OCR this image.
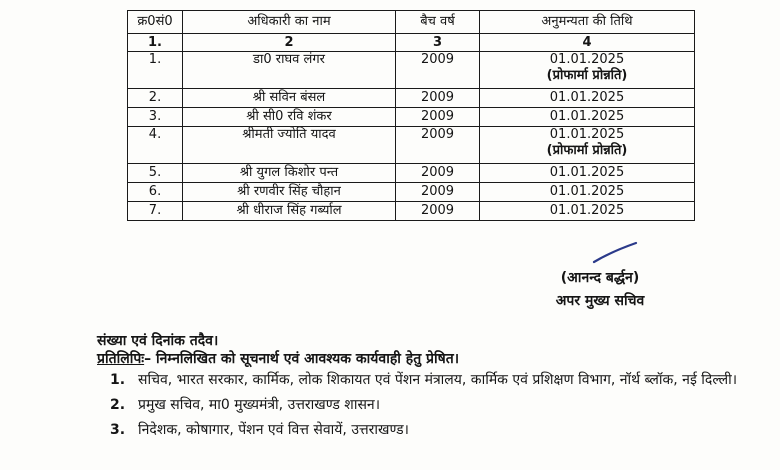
क्र0सं0	अधिकारी का नाम	बैच वर्ष	अनुमन्यता की तिथि
1.	2	3	4
1.	डा0 राघव लंगर	2009	01.01.2025
(प्रोफार्मा प्रोन्नति)

2.	श्री सविन बंसल	2009	01.01.2025
3.	श्री सी0 रवि शंकर	2009	01.01.2025
4.	श्रीमती ज्योति यादव	2009	01.01.2025
(प्रोफार्मा प्रोन्नति)

5.	श्री युगल किशोर पन्त	2009	01.01.2025
6.	श्री रणवीर सिंह चौहान	2009	01.01.2025
7.	श्री धीराज सिंह गर्ब्याल	2009	01.01.2025
(आनन्द बर्द्धन)
अपर मुख्य सचिव
संख्या एवं दिनांक तदैव।
प्रतिलिपिः– निम्नलिखित को सूचनार्थ एवं आवश्यक कार्यवाही हेतु प्रेषित।
1. सचिव, भारत सरकार, कार्मिक, लोक शिकायत एवं पेंशन मंत्रालय, कार्मिक एवं प्रशिक्षण विभाग, नॉर्थ ब्लॉक, नई दिल्ली।
2. प्रमुख सचिव, मा0 मुख्यमंत्री, उत्तराखण्ड शासन।
3. निदेशक, कोषागार, पेंशन एवं वित्त सेवायें, उत्तराखण्ड।
